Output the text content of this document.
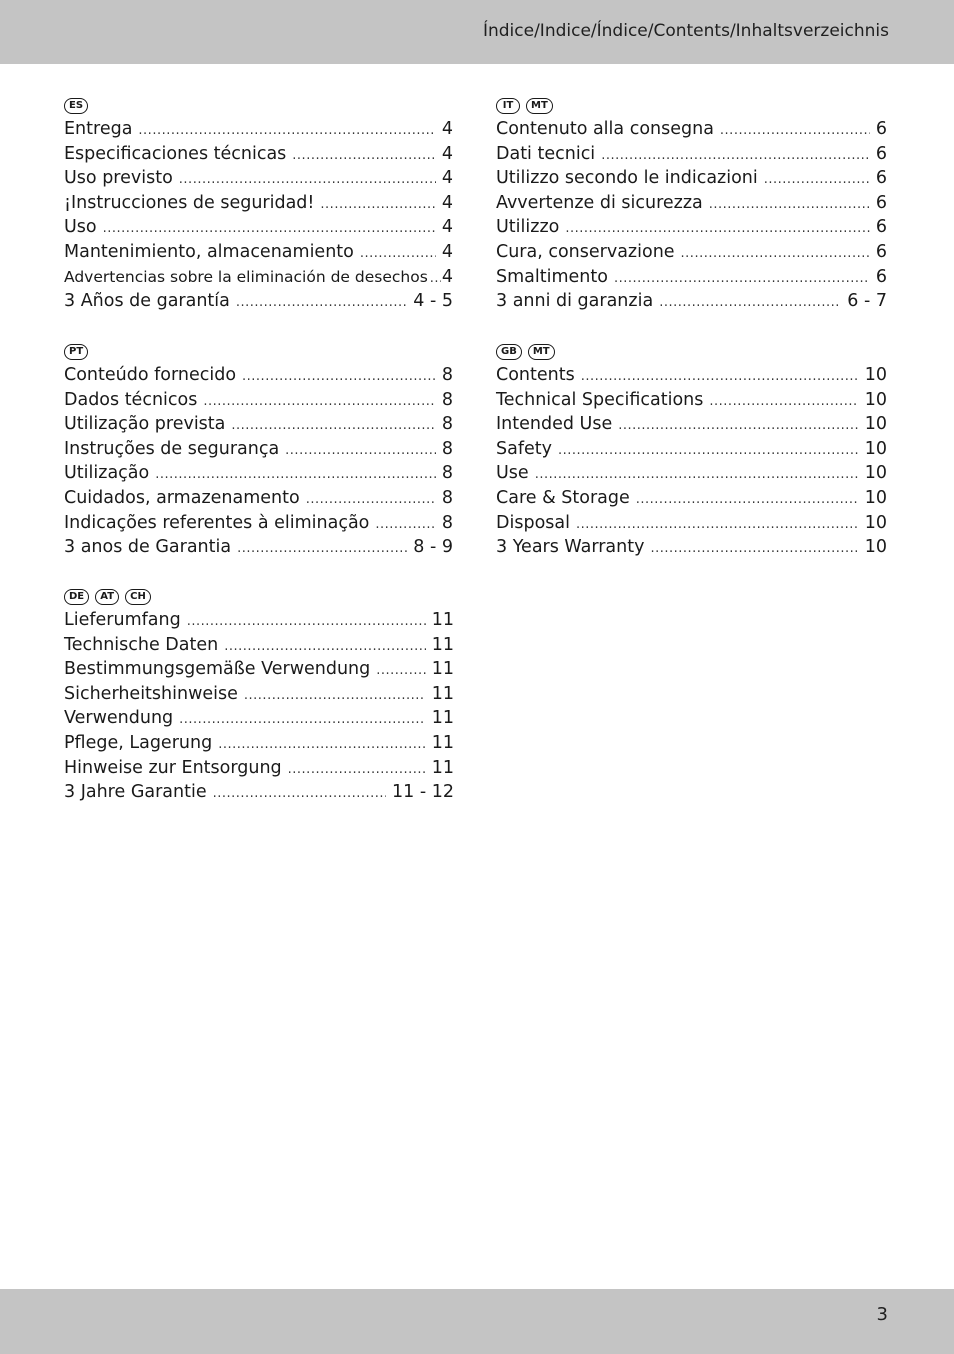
Índice/Indice/Índice/Contents/Inhaltsverzeichnis
ES
Entrega .....	4
Especificaciones técnicas .....	4
Uso previsto .....	4
¡Instrucciones de seguridad! .....	4
Uso .....	4
Mantenimiento, almacenamiento .....	4
Advertencias sobre la eliminación de desechos ..... 4
3 Años de garantía .....	4 - 5
PT
Conteúdo fornecido .....	8
Dados técnicos .....	8
Utilização prevista .....	8
Instruções de segurança .....	8
Utilização .....	8
Cuidados, armazenamento .....	8
Indicações referentes à eliminação .....	8
3 anos de Garantia .....	8 - 9
DE	AT	CH
Lieferumfang .....	11
Technische Daten .....	11
Bestimmungsgemäße Verwendung .....	11
Sicherheitshinweise .....	11
Verwendung .....	11
Pflege, Lagerung .....	11
Hinweise zur Entsorgung .....	11
3 Jahre Garantie .....	11 - 12
IT	MT
Contenuto alla consegna .....	6
Dati tecnici .....	6
Utilizzo secondo le indicazioni .....	6
Avvertenze di sicurezza .....	6
Utilizzo .....	6
Cura, conservazione .....	6
Smaltimento .....	6
3 anni di garanzia .....	6 - 7
GB	MT
Contents .....	10
Technical Specifications .....	10
Intended Use .....	10
Safety .....	10
Use .....	10
Care & Storage .....	10
Disposal .....	10
3 Years Warranty .....	10
3
